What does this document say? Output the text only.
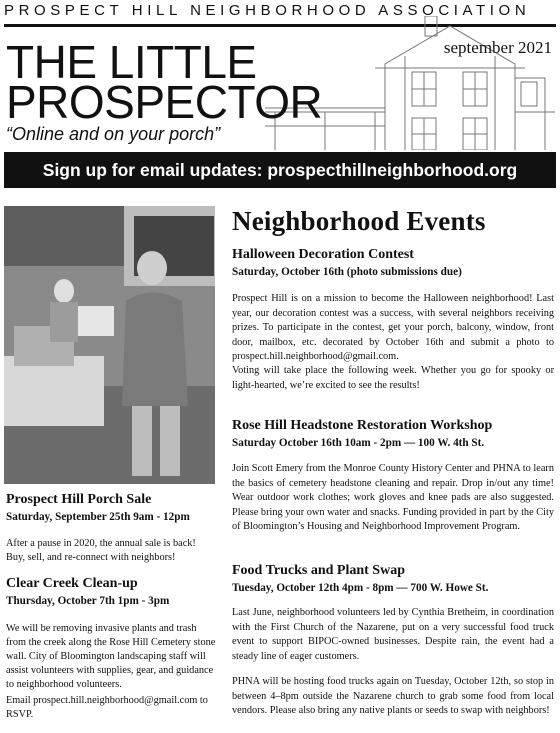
PROSPECT HILL NEIGHBORHOOD ASSOCIATION
THE LITTLE
PROSPECTOR
“Online and on your porch”
september 2021
Sign up for email updates: prospecthillneighborhood.org
Prospect Hill Porch Sale
Saturday, September 25th 9am - 12pm

After a pause in 2020, the annual sale is back! Buy, sell, and re-connect with neighbors!

Clear Creek Clean-up
Thursday, October 7th 1pm - 3pm

We will be removing invasive plants and trash from the creek along the Rose Hill Cemetery stone wall. City of Bloomington landscaping staff will assist volunteers with supplies, gear, and guidance to neighborhood volunteers.

Email prospect.hill.neighborhood@gmail.com to RSVP.

Neighborhood Events
Halloween Decoration Contest
Saturday, October 16th (photo submissions due)

Prospect Hill is on a mission to become the Halloween neighborhood! Last year, our decoration contest was a success, with several neighbors receiving prizes. To participate in the contest, get your porch, balcony, window, front door, mailbox, etc. decorated by October 16th and submit a photo to prospect.hill.neighborhood@gmail.com.

Voting will take place the following week. Whether you go for spooky or light-hearted, we’re excited to see the results!

Rose Hill Headstone Restoration Workshop
Saturday October 16th 10am - 2pm — 100 W. 4th St.

Join Scott Emery from the Monroe County History Center and PHNA to learn the basics of cemetery headstone cleaning and repair. Drop in/out any time! Wear outdoor work clothes; work gloves and knee pads are also suggested. Please bring your own water and snacks. Funding provided in part by the City of Bloomington’s Housing and Neighborhood Improvement Program.

Food Trucks and Plant Swap
Tuesday, October 12th 4pm - 8pm — 700 W. Howe St.

Last June, neighborhood volunteers led by Cynthia Bretheim, in coordination with the First Church of the Nazarene, put on a very successful food truck event to support BIPOC-owned businesses. Despite rain, the event had a steady line of eager customers.

PHNA will be hosting food trucks again on Tuesday, October 12th, so stop in between 4–8pm outside the Nazarene church to grab some food from local vendors. Please also bring any native plants or seeds to swap with neighbors!
